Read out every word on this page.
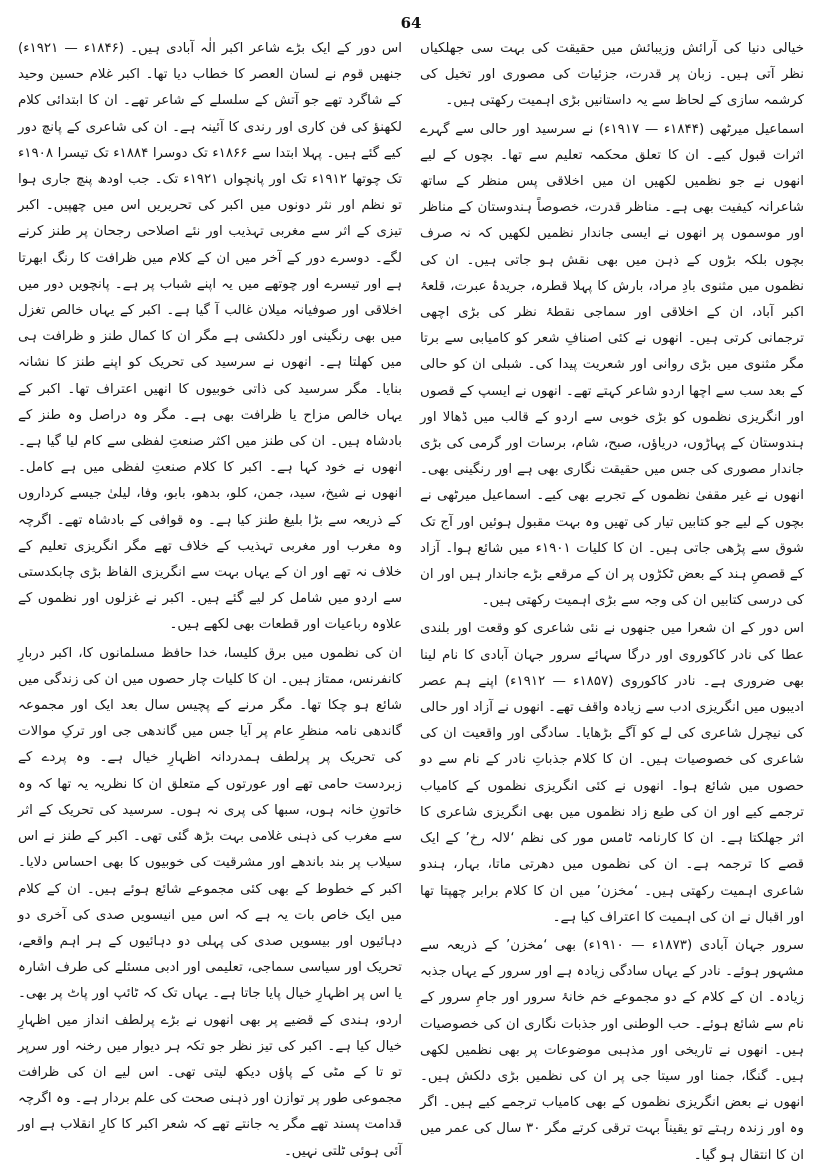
64

اس دور کے ایک بڑے شاعر اکبر الٰہ آبادی ہیں۔ (۱۸۴۶ء — ۱۹۲۱ء) جنھیں قوم نے لسان العصر کا خطاب دیا تھا۔ اکبر غلام حسین وحید کے شاگرد تھے جو آتش کے سلسلے کے شاعر تھے۔ ان کا ابتدائی کلام لکھنؤ کی فن کاری اور رندی کا آئینہ ہے۔ ان کی شاعری کے پانچ دور کیے گئے ہیں۔ پہلا ابتدا سے ۱۸۶۶ء تک دوسرا ۱۸۸۴ء تک تیسرا ۱۹۰۸ء تک چوتھا ۱۹۱۲ء تک اور پانچواں ۱۹۲۱ء تک۔ جب اودھ پنچ جاری ہوا تو نظم اور نثر دونوں میں اکبر کی تحریریں اس میں چھپیں۔ اکبر تیزی کے اثر سے مغربی تہذیب اور نئے اصلاحی رجحان پر طنز کرنے لگے۔ دوسرے دور کے آخر میں ان کے کلام میں ظرافت کا رنگ ابھرتا ہے اور تیسرے اور چوتھے میں یہ اپنے شباب پر ہے۔ پانچویں دور میں اخلاقی اور صوفیانہ میلان غالب آ گیا ہے۔ اکبر کے یہاں خالص تغزل میں بھی رنگینی اور دلکشی ہے مگر ان کا کمال طنز و ظرافت ہی میں کھلتا ہے۔ انھوں نے سرسید کی تحریک کو اپنے طنز کا نشانہ بنایا۔ مگر سرسید کی ذاتی خوبیوں کا انھیں اعتراف تھا۔ اکبر کے یہاں خالص مزاح یا ظرافت بھی ہے۔ مگر وہ دراصل وہ طنز کے بادشاہ ہیں۔ ان کی طنز میں اکثر صنعتِ لفظی سے کام لیا گیا ہے۔ انھوں نے خود کہا ہے۔ اکبر کا کلام صنعتِ لفظی میں ہے کامل۔ انھوں نے شیخ، سید، جمن، کلو، بدھو، بابو، وفا، لیلیٰ جیسے کرداروں کے ذریعہ سے بڑا بلیغ طنز کیا ہے۔ وہ قوافی کے بادشاہ تھے۔ اگرچہ وہ مغرب اور مغربی تہذیب کے خلاف تھے مگر انگریزی تعلیم کے خلاف نہ تھے اور ان کے یہاں بہت سے انگریزی الفاظ بڑی چابکدستی سے اردو میں شامل کر لیے گئے ہیں۔ اکبر نے غزلوں اور نظموں کے علاوہ رباعیات اور قطعات بھی لکھے ہیں۔

ان کی نظموں میں برق کلیسا، خدا حافظ مسلمانوں کا، اکبر دربارِ کانفرنس، ممتاز ہیں۔ ان کا کلیات چار حصوں میں ان کی زندگی میں شائع ہو چکا تھا۔ مگر مرنے کے پچیس سال بعد ایک اور مجموعہ گاندھی نامہ منظرِ عام پر آیا جس میں گاندھی جی اور ترکِ موالات کی تحریک پر پرلطف ہمدردانہ اظہارِ خیال ہے۔ وہ پردے کے زبردست حامی تھے اور عورتوں کے متعلق ان کا نظریہ یہ تھا کہ وہ خاتونِ خانہ ہوں، سبھا کی پری نہ ہوں۔ سرسید کی تحریک کے اثر سے مغرب کی ذہنی غلامی بہت بڑھ گئی تھی۔ اکبر کے طنز نے اس سیلاب پر بند باندھے اور مشرقیت کی خوبیوں کا بھی احساس دلایا۔ اکبر کے خطوط کے بھی کئی مجموعے شائع ہوئے ہیں۔ ان کے کلام میں ایک خاص بات یہ ہے کہ اس میں انیسویں صدی کی آخری دو دہائیوں اور بیسویں صدی کی پہلی دو دہائیوں کے ہر اہم واقعے، تحریک اور سیاسی سماجی، تعلیمی اور ادبی مسئلے کی طرف اشارہ یا اس پر اظہارِ خیال پایا جاتا ہے۔ یہاں تک کہ ٹائپ اور پاٹ پر بھی۔ اردو، ہندی کے قضیے پر بھی انھوں نے بڑے پرلطف انداز میں اظہارِ خیال کیا ہے۔ اکبر کی تیز نظر جو تکہ ہر دیوار میں رخنہ اور سرپر تو تا کے مٹی کے پاؤں دیکھ لیتی تھی۔ اس لیے ان کی ظرافت مجموعی طور پر توازن اور ذہنی صحت کی علم بردار ہے۔ وہ اگرچہ قدامت پسند تھے مگر یہ جانتے تھے کہ شعر اکبر کا کارِ انقلاب ہے اور آئی ہوئی ٹلتی نہیں۔

خیالی دنیا کی آرائش وزیبائش میں حقیقت کی بہت سی جھلکیاں نظر آتی ہیں۔ زبان پر قدرت، جزئیات کی مصوری اور تخیل کی کرشمہ سازی کے لحاظ سے یہ داستانیں بڑی اہمیت رکھتی ہیں۔

اسماعیل میرٹھی (۱۸۴۴ء — ۱۹۱۷ء) نے سرسید اور حالی سے گہرے اثرات قبول کیے۔ ان کا تعلق محکمہ تعلیم سے تھا۔ بچوں کے لیے انھوں نے جو نظمیں لکھیں ان میں اخلاقی پس منظر کے ساتھ شاعرانہ کیفیت بھی ہے۔ مناظر قدرت، خصوصاً ہندوستان کے مناظر اور موسموں پر انھوں نے ایسی جاندار نظمیں لکھیں کہ نہ صرف بچوں بلکہ بڑوں کے ذہن میں بھی نقش ہو جاتی ہیں۔ ان کی نظموں میں مثنوی بادِ مراد، بارش کا پہلا قطرہ، جریدۂ عبرت، قلعۂ اکبر آباد، ان کے اخلاقی اور سماجی نقطۂ نظر کی بڑی اچھی ترجمانی کرتی ہیں۔ انھوں نے کئی اصنافِ شعر کو کامیابی سے برتا مگر مثنوی میں بڑی روانی اور شعریت پیدا کی۔ شبلی ان کو حالی کے بعد سب سے اچھا اردو شاعر کہتے تھے۔ انھوں نے ایسپ کے قصوں اور انگریزی نظموں کو بڑی خوبی سے اردو کے قالب میں ڈھالا اور ہندوستان کے پہاڑوں، دریاؤں، صبح، شام، برسات اور گرمی کی بڑی جاندار مصوری کی جس میں حقیقت نگاری بھی ہے اور رنگینی بھی۔ انھوں نے غیر مقفیٰ نظموں کے تجربے بھی کیے۔ اسماعیل میرٹھی نے بچوں کے لیے جو کتابیں تیار کی تھیں وہ بہت مقبول ہوئیں اور آج تک شوق سے پڑھی جاتی ہیں۔ ان کا کلیات ۱۹۰۱ء میں شائع ہوا۔ آزاد کے قصصِ ہند کے بعض ٹکڑوں پر ان کے مرقعے بڑے جاندار ہیں اور ان کی درسی کتابیں ان کی وجہ سے بڑی اہمیت رکھتی ہیں۔

اس دور کے ان شعرا میں جنھوں نے نئی شاعری کو وقعت اور بلندی عطا کی نادر کاکوروی اور درگا سہائے سرور جہان آبادی کا نام لینا بھی ضروری ہے۔ نادر کاکوروی (۱۸۵۷ء — ۱۹۱۲ء) اپنے ہم عصر ادیبوں میں انگریزی ادب سے زیادہ واقف تھے۔ انھوں نے آزاد اور حالی کی نیچرل شاعری کی لے کو آگے بڑھایا۔ سادگی اور واقعیت ان کی شاعری کی خصوصیات ہیں۔ ان کا کلام جذباتِ نادر کے نام سے دو حصوں میں شائع ہوا۔ انھوں نے کئی انگریزی نظموں کے کامیاب ترجمے کیے اور ان کی طبع زاد نظموں میں بھی انگریزی شاعری کا اثر جھلکتا ہے۔ ان کا کارنامہ ٹامس مور کی نظم ‘لالہ رخ’ کے ایک قصے کا ترجمہ ہے۔ ان کی نظموں میں دھرتی ماتا، بہار، ہندو شاعری اہمیت رکھتی ہیں۔ ‘مخزن’ میں ان کا کلام برابر چھپتا تھا اور اقبال نے ان کی اہمیت کا اعتراف کیا ہے۔

سرور جہان آبادی (۱۸۷۳ء — ۱۹۱۰ء) بھی ‘مخزن’ کے ذریعہ سے مشہور ہوئے۔ نادر کے یہاں سادگی زیادہ ہے اور سرور کے یہاں جذبہ زیادہ۔ ان کے کلام کے دو مجموعے خم خانۂ سرور اور جامِ سرور کے نام سے شائع ہوئے۔ حب الوطنی اور جذبات نگاری ان کی خصوصیات ہیں۔ انھوں نے تاریخی اور مذہبی موضوعات پر بھی نظمیں لکھی ہیں۔ گنگا، جمنا اور سیتا جی پر ان کی نظمیں بڑی دلکش ہیں۔ انھوں نے بعض انگریزی نظموں کے بھی کامیاب ترجمے کیے ہیں۔ اگر وہ اور زندہ رہتے تو یقیناً بہت ترقی کرتے مگر ۳۰ سال کی عمر میں ان کا انتقال ہو گیا۔
